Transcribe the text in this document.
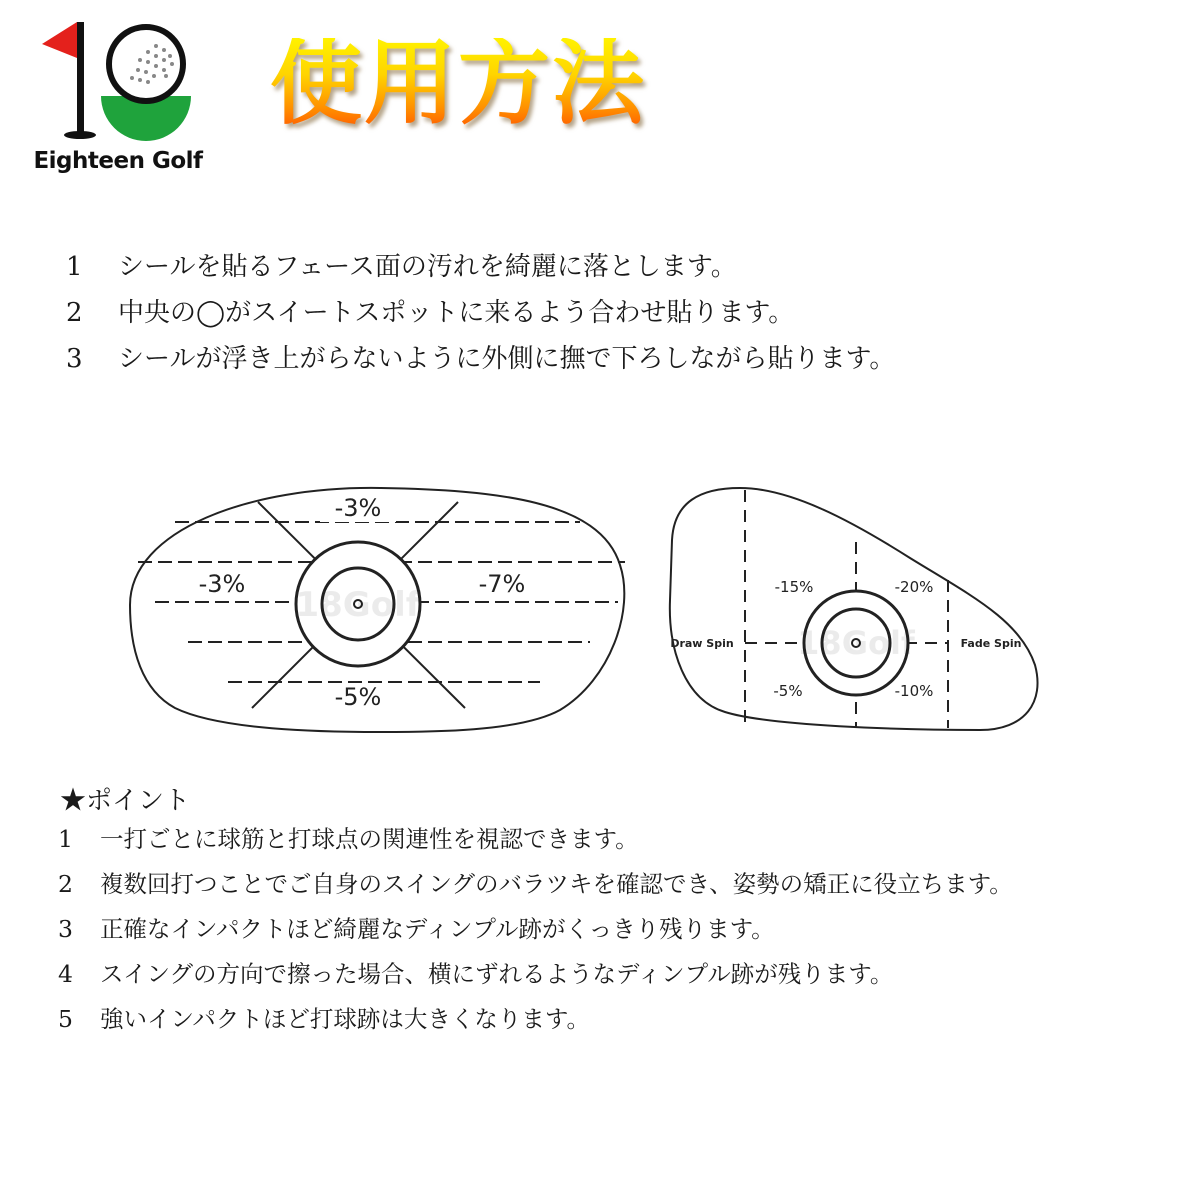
Eighteen Golf
使用方法
1	シールを貼るフェース面の汚れを綺麗に落とします。
2	中央の◯がスイートスポットに来るよう合わせ貼ります。
3	シールが浮き上がらないように外側に撫で下ろしながら貼ります。
18Golf
-3%
-3%	-7%
-5%
18Golf
-15%	-20%
-5%	-10%
Draw Spin	Fade Spin
★ポイント
1	一打ごとに球筋と打球点の関連性を視認できます。
2	複数回打つことでご自身のスイングのバラツキを確認でき、姿勢の矯正に役立ちます。
3	正確なインパクトほど綺麗なディンプル跡がくっきり残ります。
4	スイングの方向で擦った場合、横にずれるようなディンプル跡が残ります。
5	強いインパクトほど打球跡は大きくなります。
